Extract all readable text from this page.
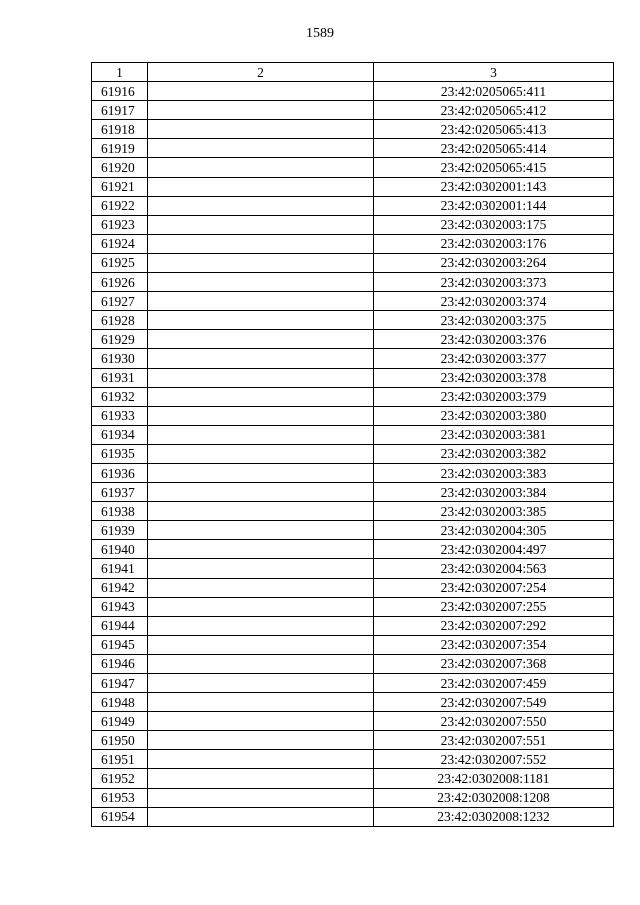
1589
1	2	3
61916		23:42:0205065:411
61917		23:42:0205065:412
61918		23:42:0205065:413
61919		23:42:0205065:414
61920		23:42:0205065:415
61921		23:42:0302001:143
61922		23:42:0302001:144
61923		23:42:0302003:175
61924		23:42:0302003:176
61925		23:42:0302003:264
61926		23:42:0302003:373
61927		23:42:0302003:374
61928		23:42:0302003:375
61929		23:42:0302003:376
61930		23:42:0302003:377
61931		23:42:0302003:378
61932		23:42:0302003:379
61933		23:42:0302003:380
61934		23:42:0302003:381
61935		23:42:0302003:382
61936		23:42:0302003:383
61937		23:42:0302003:384
61938		23:42:0302003:385
61939		23:42:0302004:305
61940		23:42:0302004:497
61941		23:42:0302004:563
61942		23:42:0302007:254
61943		23:42:0302007:255
61944		23:42:0302007:292
61945		23:42:0302007:354
61946		23:42:0302007:368
61947		23:42:0302007:459
61948		23:42:0302007:549
61949		23:42:0302007:550
61950		23:42:0302007:551
61951		23:42:0302007:552
61952		23:42:0302008:1181
61953		23:42:0302008:1208
61954		23:42:0302008:1232
